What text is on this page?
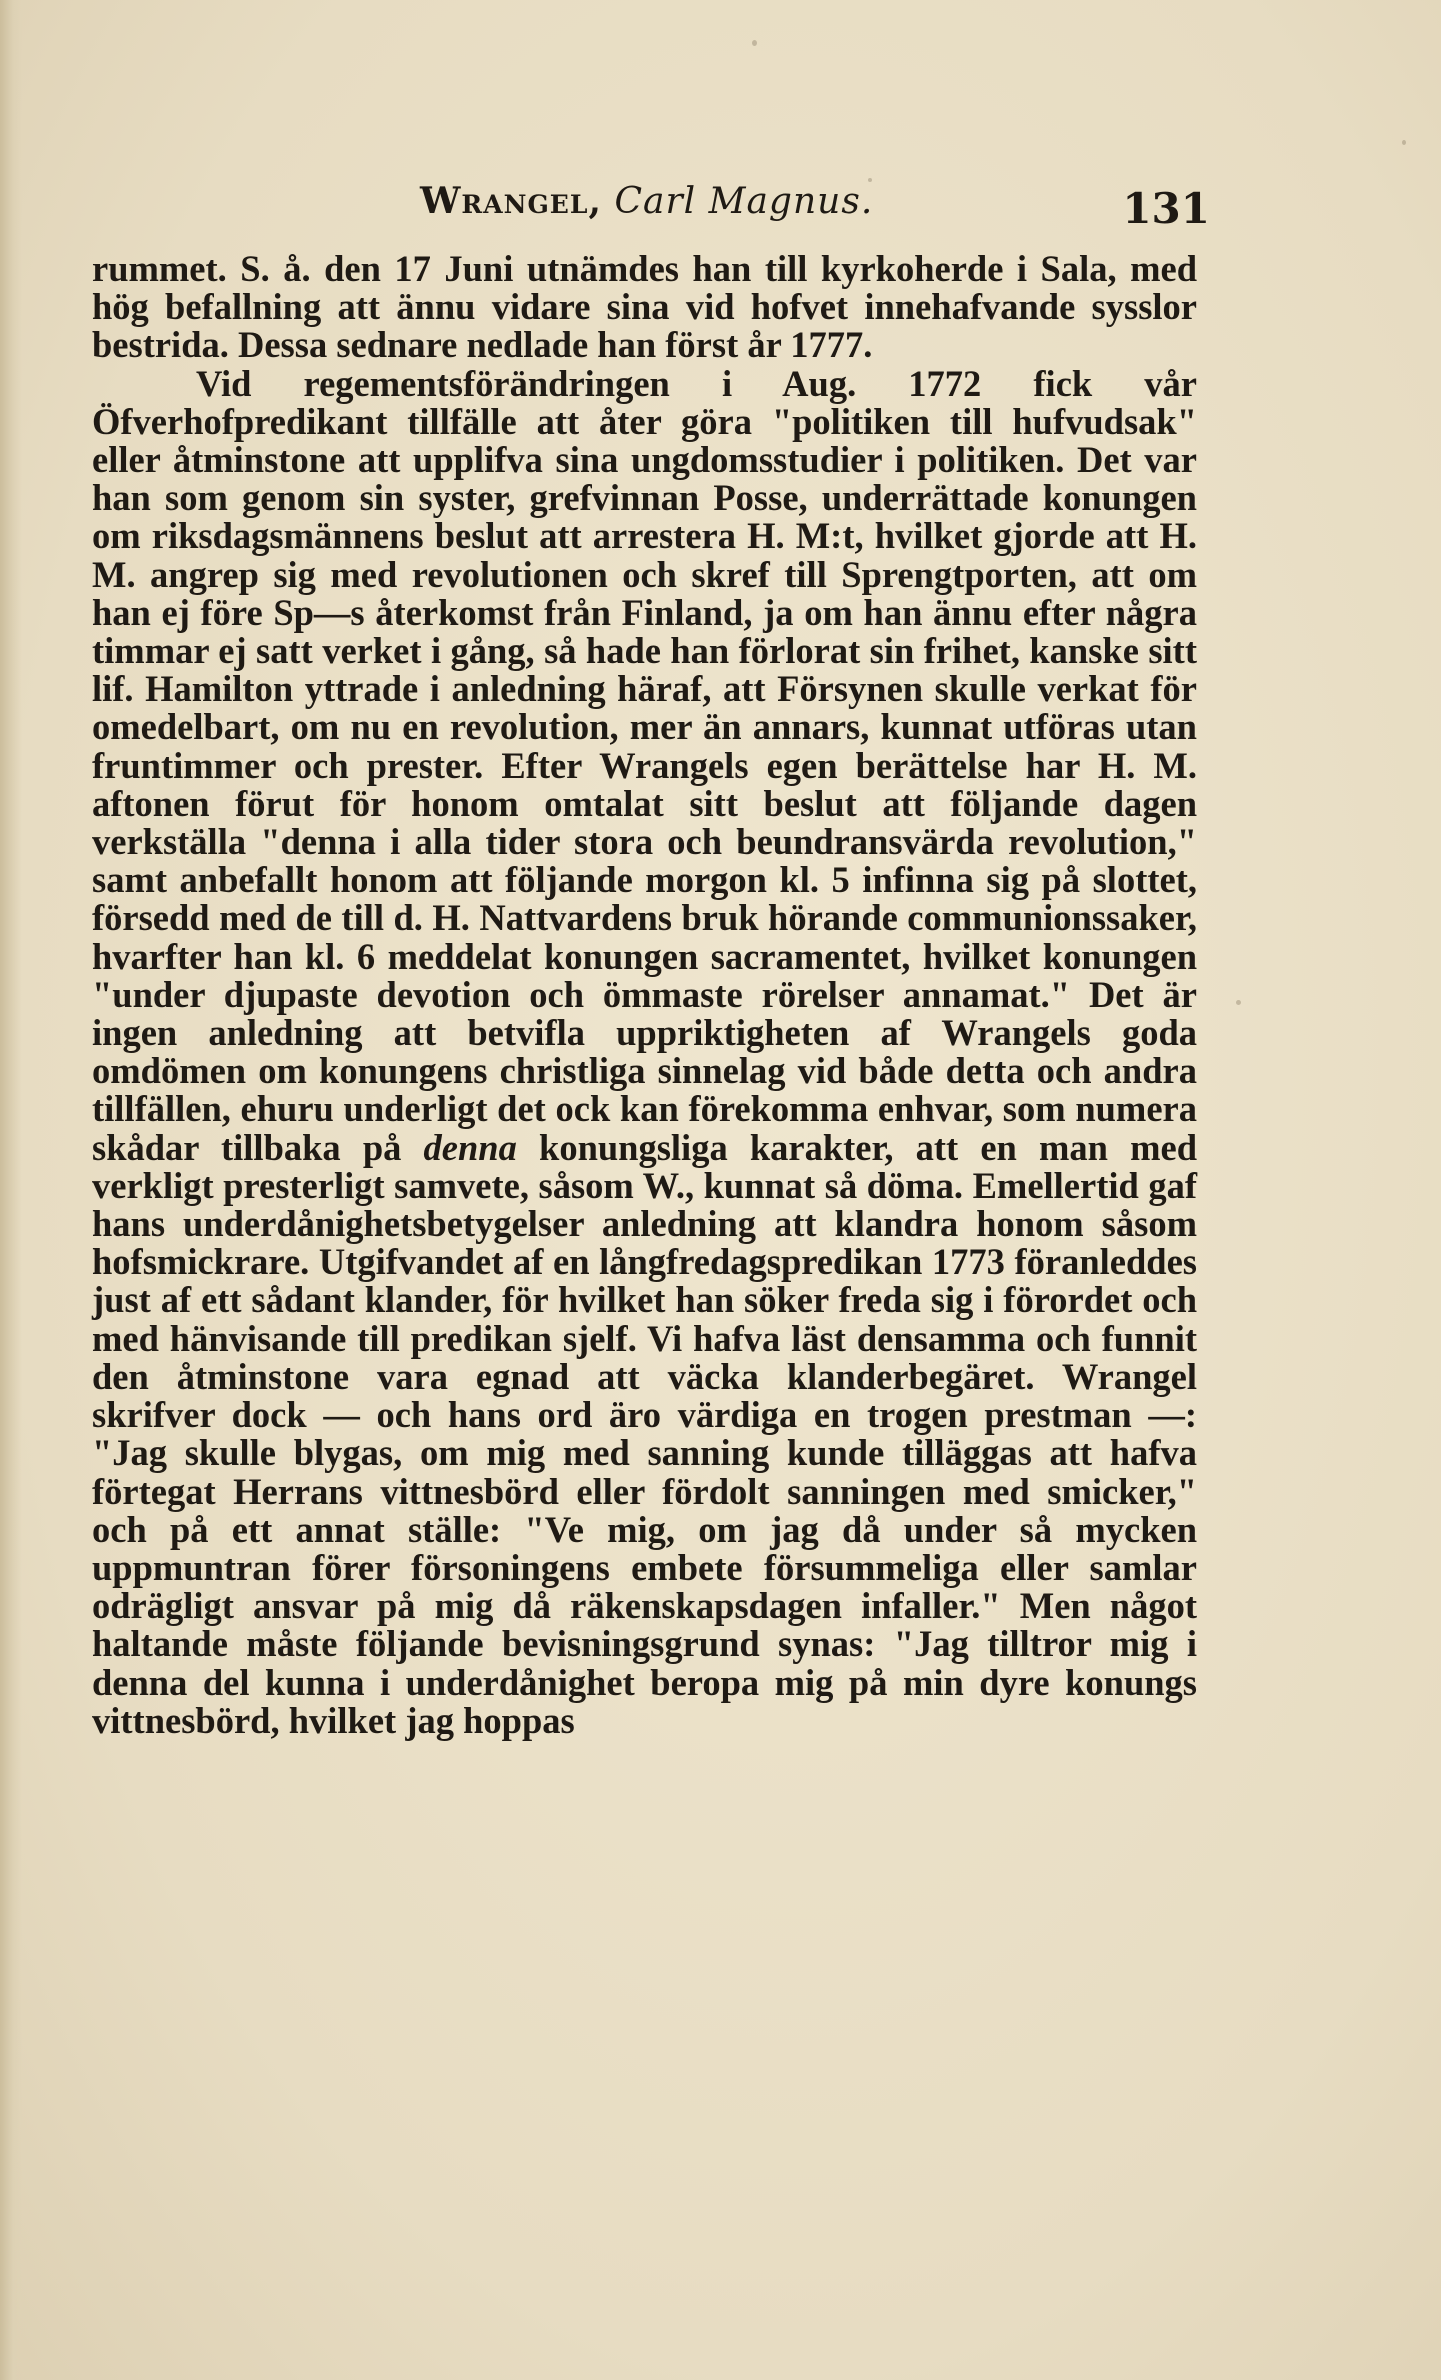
Wrangel, Carl Magnus.	131

rummet. S. å. den 17 Juni utnämdes han till kyrkoherde i Sala, med hög befallning att ännu vidare sina vid hofvet innehafvande sysslor bestrida. Dessa sednare nedlade han först år 1777.

Vid regementsförändringen i Aug. 1772 fick vår Öfverhofpredikant tillfälle att åter göra "politiken till hufvudsak" eller åtminstone att upplifva sina ungdomsstudier i politiken. Det var han som genom sin syster, grefvinnan Posse, underrättade konungen om riksdagsmännens beslut att arrestera H. M:t, hvilket gjorde att H. M. angrep sig med revolutionen och skref till Sprengtporten, att om han ej före Sp—s återkomst från Finland, ja om han ännu efter några timmar ej satt verket i gång, så hade han förlorat sin frihet, kanske sitt lif. Hamilton yttrade i anledning häraf, att Försynen skulle verkat för omedelbart, om nu en revolution, mer än annars, kunnat utföras utan fruntimmer och prester. Efter Wrangels egen berättelse har H. M. aftonen förut för honom omtalat sitt beslut att följande dagen verkställa "denna i alla tider stora och beundransvärda revolution," samt anbefallt honom att följande morgon kl. 5 infinna sig på slottet, försedd med de till d. H. Nattvardens bruk hörande communionssaker, hvarfter han kl. 6 meddelat konungen sacramentet, hvilket konungen "under djupaste devotion och ömmaste rörelser annamat." Det är ingen anledning att betvifla uppriktigheten af Wrangels goda omdömen om konungens christliga sinnelag vid både detta och andra tillfällen, ehuru underligt det ock kan förekomma enhvar, som numera skådar tillbaka på denna konungsliga karakter, att en man med verkligt presterligt samvete, såsom W., kunnat så döma. Emellertid gaf hans underdånighetsbetygelser anledning att klandra honom såsom hofsmickrare. Utgifvandet af en långfredagspredikan 1773 föranleddes just af ett sådant klander, för hvilket han söker freda sig i förordet och med hänvisande till predikan sjelf. Vi hafva läst densamma och funnit den åtminstone vara egnad att väcka klanderbegäret. Wrangel skrifver dock — och hans ord äro värdiga en trogen prestman —: "Jag skulle blygas, om mig med sanning kunde tilläggas att hafva förtegat Herrans vittnesbörd eller fördolt sanningen med smicker," och på ett annat ställe: "Ve mig, om jag då under så mycken uppmuntran förer försoningens embete försummeliga eller samlar odrägligt ansvar på mig då räkenskapsdagen infaller." Men något haltande måste följande bevisningsgrund synas: "Jag tilltror mig i denna del kunna i underdånighet beropa mig på min dyre konungs vittnesbörd, hvilket jag hoppas
